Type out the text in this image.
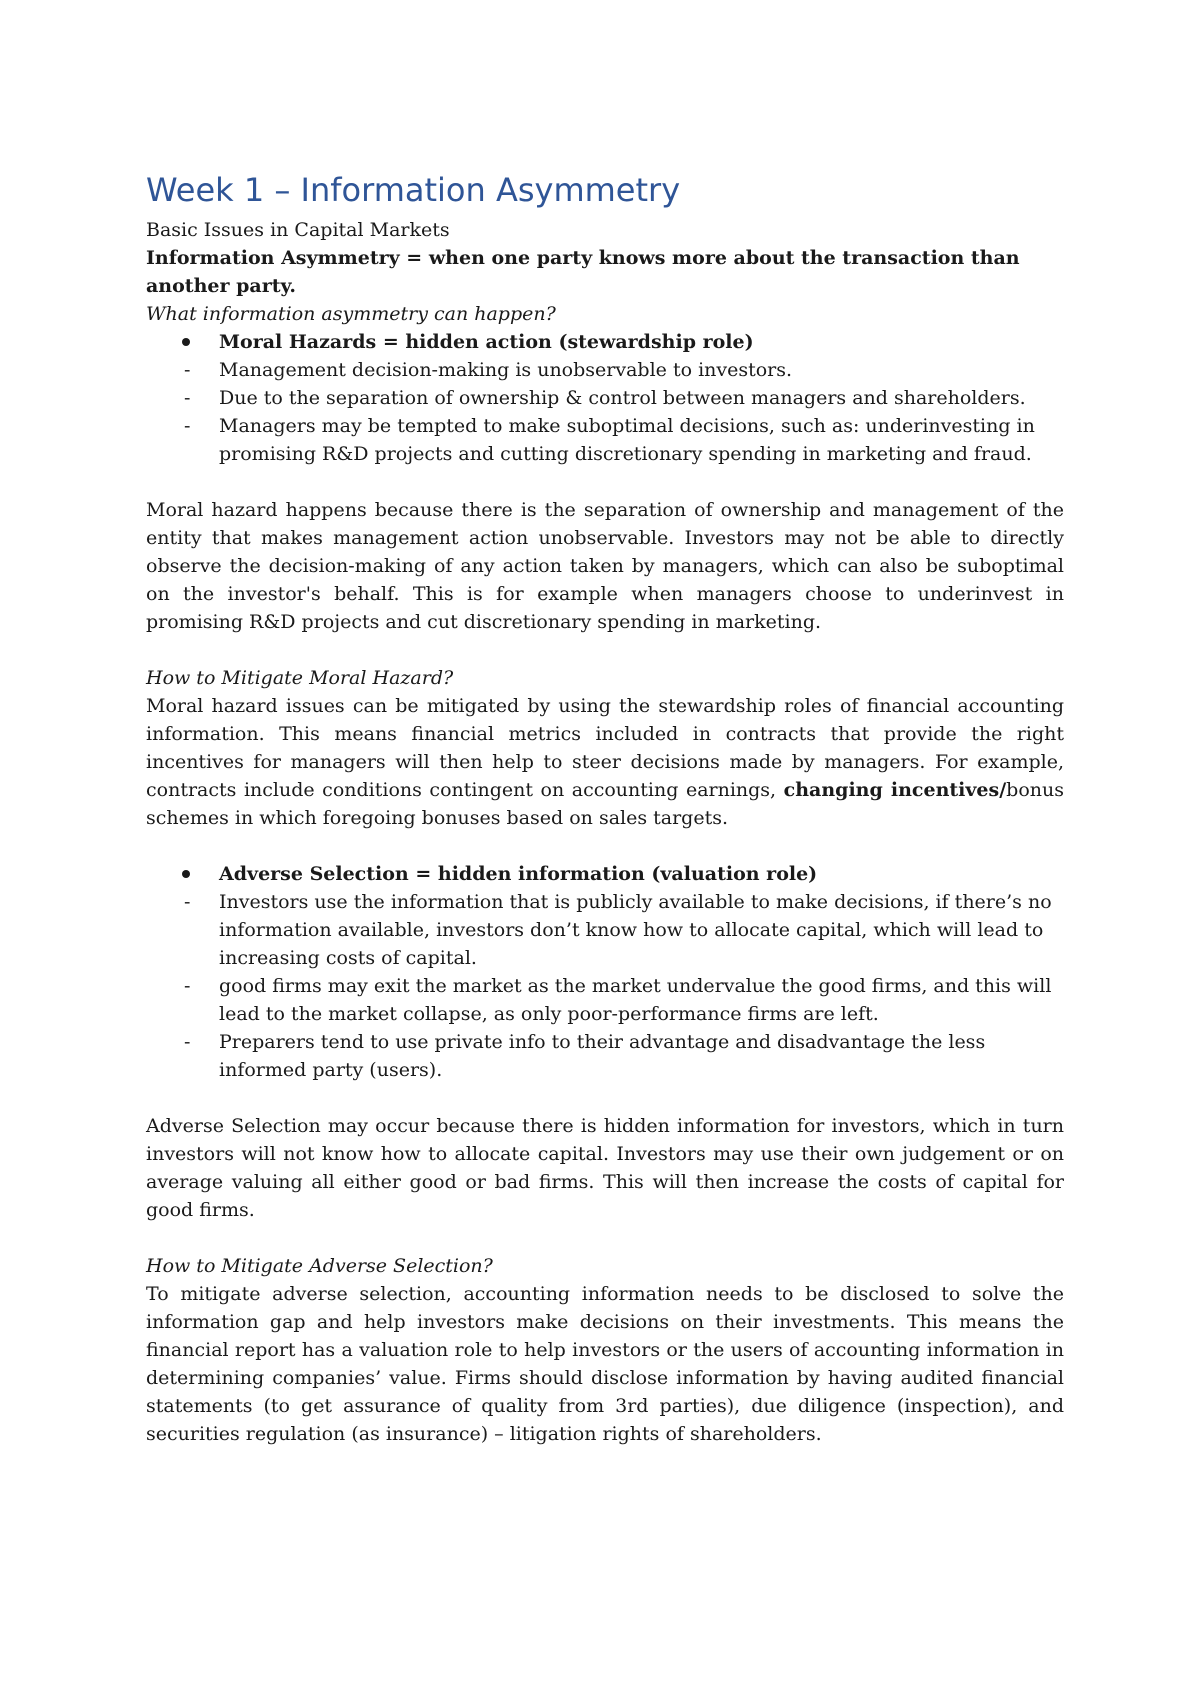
Week 1 – Information Asymmetry

Basic Issues in Capital Markets

Information Asymmetry = when one party knows more about the transaction than another party.

What information asymmetry can happen?

Moral Hazards = hidden action (stewardship role)
- Management decision-making is unobservable to investors.
- Due to the separation of ownership & control between managers and shareholders.
- Managers may be tempted to make suboptimal decisions, such as: underinvesting in promising R&D projects and cutting discretionary spending in marketing and fraud.

Moral hazard happens because there is the separation of ownership and management of the entity that makes management action unobservable. Investors may not be able to directly observe the decision-making of any action taken by managers, which can also be suboptimal on the investor's behalf. This is for example when managers choose to underinvest in promising R&D projects and cut discretionary spending in marketing.

How to Mitigate Moral Hazard?

Moral hazard issues can be mitigated by using the stewardship roles of financial accounting information. This means financial metrics included in contracts that provide the right incentives for managers will then help to steer decisions made by managers. For example, contracts include conditions contingent on accounting earnings, changing incentives/bonus schemes in which foregoing bonuses based on sales targets.

Adverse Selection = hidden information (valuation role)
- Investors use the information that is publicly available to make decisions, if there’s no information available, investors don’t know how to allocate capital, which will lead to increasing costs of capital.
- good firms may exit the market as the market undervalue the good firms, and this will lead to the market collapse, as only poor-performance firms are left.
- Preparers tend to use private info to their advantage and disadvantage the less informed party (users).

Adverse Selection may occur because there is hidden information for investors, which in turn investors will not know how to allocate capital. Investors may use their own judgement or on average valuing all either good or bad firms. This will then increase the costs of capital for good firms.

How to Mitigate Adverse Selection?

To mitigate adverse selection, accounting information needs to be disclosed to solve the information gap and help investors make decisions on their investments. This means the financial report has a valuation role to help investors or the users of accounting information in determining companies’ value. Firms should disclose information by having audited financial statements (to get assurance of quality from 3rd parties), due diligence (inspection), and securities regulation (as insurance) – litigation rights of shareholders.
